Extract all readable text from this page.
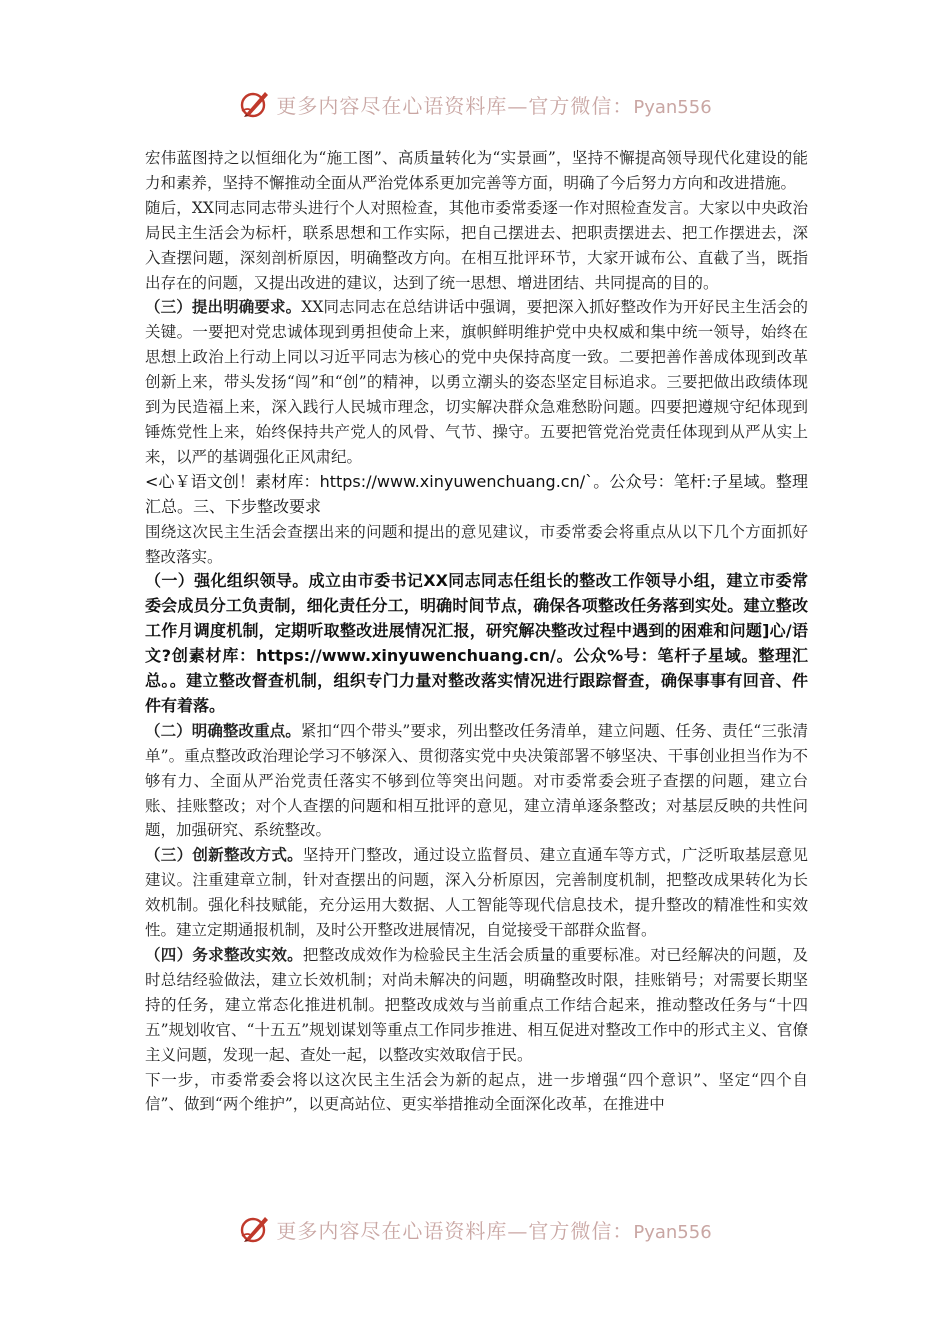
更多内容尽在心语资料库—官方微信：Pyan556

宏伟蓝图持之以恒细化为“施工图”、高质量转化为“实景画”，坚持不懈提高领导现代化建设的能力和素养，坚持不懈推动全面从严治党体系更加完善等方面，明确了今后努力方向和改进措施。

随后，XX同志同志带头进行个人对照检查，其他市委常委逐一作对照检查发言。大家以中央政治局民主生活会为标杆，联系思想和工作实际，把自己摆进去、把职责摆进去、把工作摆进去，深入查摆问题，深刻剖析原因，明确整改方向。在相互批评环节，大家开诚布公、直截了当，既指出存在的问题，又提出改进的建议，达到了统一思想、增进团结、共同提高的目的。

（三）提出明确要求。XX同志同志在总结讲话中强调，要把深入抓好整改作为开好民主生活会的关键。一要把对党忠诚体现到勇担使命上来，旗帜鲜明维护党中央权威和集中统一领导，始终在思想上政治上行动上同以习近平同志为核心的党中央保持高度一致。二要把善作善成体现到改革创新上来，带头发扬“闯”和“创”的精神，以勇立潮头的姿态坚定目标追求。三要把做出政绩体现到为民造福上来，深入践行人民城市理念，切实解决群众急难愁盼问题。四要把遵规守纪体现到锤炼党性上来，始终保持共产党人的风骨、气节、操守。五要把管党治党责任体现到从严从实上来，以严的基调强化正风肃纪。

<心￥语文创！素材库：https://www.xinyuwenchuang.cn/`。公众号：笔杆:子星域。整理汇总。三、下步整改要求

围绕这次民主生活会查摆出来的问题和提出的意见建议，市委常委会将重点从以下几个方面抓好整改落实。

（一）强化组织领导。成立由市委书记XX同志同志任组长的整改工作领导小组，建立市委常委会成员分工负责制，细化责任分工，明确时间节点，确保各项整改任务落到实处。建立整改工作月调度机制，定期听取整改进展情况汇报，研究解决整改过程中遇到的困难和问题]心/语文?创素材库：https://www.xinyuwenchuang.cn/。公众%号：笔杆子星域。整理汇总。。建立整改督查机制，组织专门力量对整改落实情况进行跟踪督查，确保事事有回音、件件有着落。

（二）明确整改重点。紧扣“四个带头”要求，列出整改任务清单，建立问题、任务、责任“三张清单”。重点整改政治理论学习不够深入、贯彻落实党中央决策部署不够坚决、干事创业担当作为不够有力、全面从严治党责任落实不够到位等突出问题。对市委常委会班子查摆的问题，建立台账、挂账整改；对个人查摆的问题和相互批评的意见，建立清单逐条整改；对基层反映的共性问题，加强研究、系统整改。

（三）创新整改方式。坚持开门整改，通过设立监督员、建立直通车等方式，广泛听取基层意见建议。注重建章立制，针对查摆出的问题，深入分析原因，完善制度机制，把整改成果转化为长效机制。强化科技赋能，充分运用大数据、人工智能等现代信息技术，提升整改的精准性和实效性。建立定期通报机制，及时公开整改进展情况，自觉接受干部群众监督。

（四）务求整改实效。把整改成效作为检验民主生活会质量的重要标准。对已经解决的问题，及时总结经验做法，建立长效机制；对尚未解决的问题，明确整改时限，挂账销号；对需要长期坚持的任务，建立常态化推进机制。把整改成效与当前重点工作结合起来，推动整改任务与“十四五”规划收官、“十五五”规划谋划等重点工作同步推进、相互促进对整改工作中的形式主义、官僚主义问题，发现一起、查处一起，以整改实效取信于民。

下一步，市委常委会将以这次民主生活会为新的起点，进一步增强“四个意识”、坚定“四个自信”、做到“两个维护”，以更高站位、更实举措推动全面深化改革，在推进中

更多内容尽在心语资料库—官方微信：Pyan556
